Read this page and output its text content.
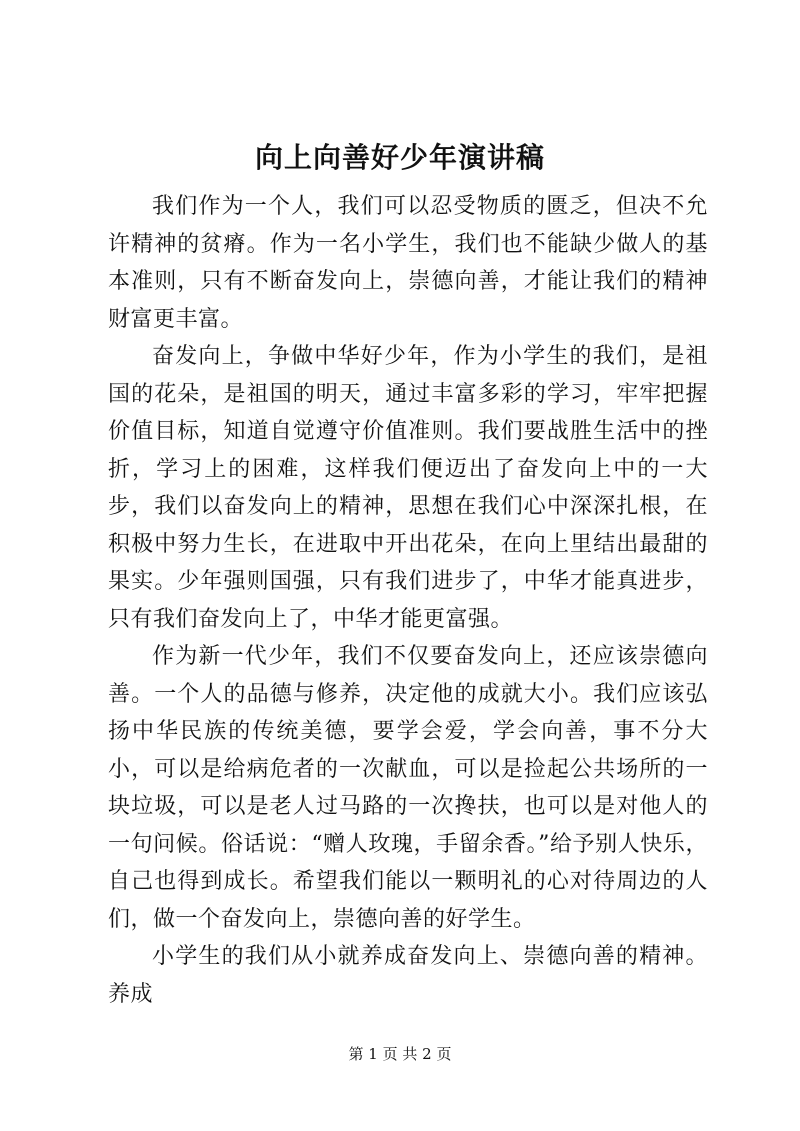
向上向善好少年演讲稿

我们作为一个人，我们可以忍受物质的匮乏，但决不允许精神的贫瘠。作为一名小学生，我们也不能缺少做人的基本准则，只有不断奋发向上，崇德向善，才能让我们的精神财富更丰富。

奋发向上，争做中华好少年，作为小学生的我们，是祖国的花朵，是祖国的明天，通过丰富多彩的学习，牢牢把握价值目标，知道自觉遵守价值准则。我们要战胜生活中的挫折，学习上的困难，这样我们便迈出了奋发向上中的一大步，我们以奋发向上的精神，思想在我们心中深深扎根，在积极中努力生长，在进取中开出花朵，在向上里结出最甜的果实。少年强则国强，只有我们进步了，中华才能真进步，只有我们奋发向上了，中华才能更富强。

作为新一代少年，我们不仅要奋发向上，还应该崇德向善。一个人的品德与修养，决定他的成就大小。我们应该弘扬中华民族的传统美德，要学会爱，学会向善，事不分大小，可以是给病危者的一次献血，可以是捡起公共场所的一块垃圾，可以是老人过马路的一次搀扶，也可以是对他人的一句问候。俗话说：“赠人玫瑰，手留余香。”给予别人快乐，自己也得到成长。希望我们能以一颗明礼的心对待周边的人们，做一个奋发向上，崇德向善的好学生。

小学生的我们从小就养成奋发向上、崇德向善的精神。养成

第 1 页 共 2 页
